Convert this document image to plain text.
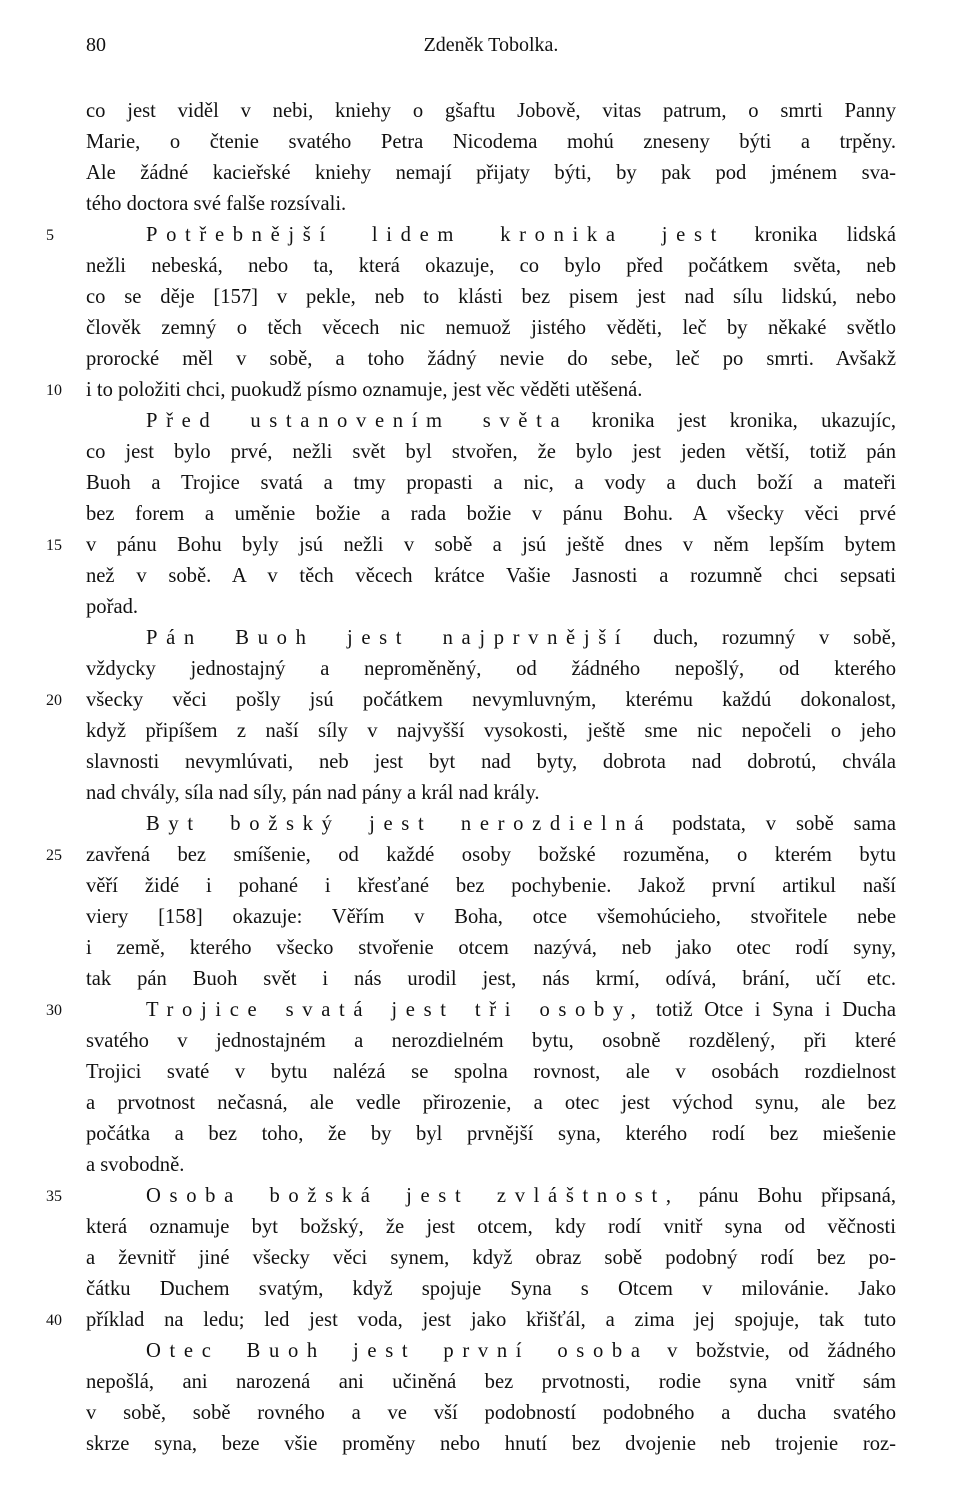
80	Zdeněk Tobolka.
co jest viděl v nebi, kniehy o gšaftu Jobově, vitas patrum, o smrti Panny
Marie, o čtenie svatého Petra Nicodema mohú zneseny býti a trpěny.
Ale žádné kacieřské kniehy nemají přijaty býti, by pak pod jménem sva-
tého doctora své falše rozsívali.
5	Potřebnější lidem kronika jest kronika lidská
nežli nebeská, nebo ta, která okazuje, co bylo před počátkem světa, neb
co se děje [157] v pekle, neb to klásti bez pisem jest nad sílu lidskú, nebo
člověk zemný o těch věcech nic nemuož jistého věděti, leč by někaké světlo
prorocké měl v sobě, a toho žádný nevie do sebe, leč po smrti. Avšakž
10	i to položiti chci, puokudž písmo oznamuje, jest věc věděti utěšená.
Před ustanovením světa kronika jest kronika, ukazujíc,
co jest bylo prvé, nežli svět byl stvořen, že bylo jest jeden větší, totiž pán
Buoh a Trojice svatá a tmy propasti a nic, a vody a duch boží a mateři
bez forem a uměnie božie a rada božie v pánu Bohu. A všecky věci prvé
15	v pánu Bohu byly jsú nežli v sobě a jsú ještě dnes v něm lepším bytem
než v sobě. A v těch věcech krátce Vašie Jasnosti a rozumně chci sepsati
pořad.
Pán Buoh jest najprvnější duch, rozumný v sobě,
vždycky jednostajný a neproměněný, od žádného nepošlý, od kterého
20	všecky věci pošly jsú počátkem nevymluvným, kterému každú dokonalost,
když připíšem z naší síly v najvyšší vysokosti, ještě sme nic nepočeli o jeho
slavnosti nevymlúvati, neb jest byt nad byty, dobrota nad dobrotú, chvála
nad chvály, síla nad síly, pán nad pány a král nad krály.
Byt božský jest nerozdielná podstata, v sobě sama
25	zavřená bez smíšenie, od každé osoby božské rozuměna, o kterém bytu
věří židé i pohané i křesťané bez pochybenie. Jakož první artikul naší
viery [158] okazuje: Věřím v Boha, otce všemohúcieho, stvořitele nebe
i země, kterého všecko stvořenie otcem nazývá, neb jako otec rodí syny,
tak pán Buoh svět i nás urodil jest, nás krmí, odívá, brání, učí etc.
30	Trojice svatá jest tři osoby, totiž Otce i Syna i Ducha
svatého v jednostajném a nerozdielném bytu, osobně rozdělený, při které
Trojici svaté v bytu nalézá se spolna rovnost, ale v osobách rozdielnost
a prvotnost nečasná, ale vedle přirozenie, a otec jest východ synu, ale bez
počátka a bez toho, že by byl prvnější syna, kterého rodí bez miešenie
a svobodně.
35	Osoba božská jest zvláštnost, pánu Bohu připsaná,
která oznamuje byt božský, že jest otcem, kdy rodí vnitř syna od věčnosti
a ževnitř jiné všecky věci synem, když obraz sobě podobný rodí bez po-
čátku Duchem svatým, když spojuje Syna s Otcem v milovánie. Jako
40	příklad na ledu; led jest voda, jest jako křišťál, a zima jej spojuje, tak tuto
Otec Buoh jest první osoba v božstvie, od žádného
nepošlá, ani narozená ani učiněná bez prvotnosti, rodie syna vnitř sám
v sobě, sobě rovného a ve vší podobností podobného a ducha svatého
skrze syna, beze všie proměny nebo hnutí bez dvojenie neb trojenie roz-
